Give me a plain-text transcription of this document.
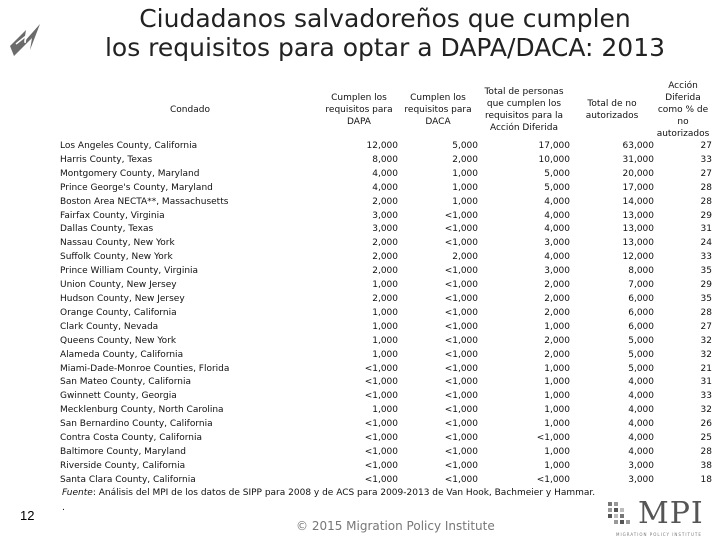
12
Ciudadanos salvadoreños que cumplen
los requisitos para optar a DAPA/DACA: 2013
Condado	Cumplen los requisitos para DAPA	Cumplen los requisitos para DACA	Total de personas que cumplen los requisitos para la Acción Diferida	Total de no autorizados	Acción Diferida como % de no autorizados
Los Angeles County, California	12,000	5,000	17,000	63,000	27
Harris County, Texas	8,000	2,000	10,000	31,000	33
Montgomery County, Maryland	4,000	1,000	5,000	20,000	27
Prince George's County, Maryland	4,000	1,000	5,000	17,000	28
Boston Area NECTA**, Massachusetts	2,000	1,000	4,000	14,000	28
Fairfax County, Virginia	3,000	<1,000	4,000	13,000	29
Dallas County, Texas	3,000	<1,000	4,000	13,000	31
Nassau County, New York	2,000	<1,000	3,000	13,000	24
Suffolk County, New York	2,000	2,000	4,000	12,000	33
Prince William County, Virginia	2,000	<1,000	3,000	8,000	35
Union County, New Jersey	1,000	<1,000	2,000	7,000	29
Hudson County, New Jersey	2,000	<1,000	2,000	6,000	35
Orange County, California	1,000	<1,000	2,000	6,000	28
Clark County, Nevada	1,000	<1,000	1,000	6,000	27
Queens County, New York	1,000	<1,000	2,000	5,000	32
Alameda County, California	1,000	<1,000	2,000	5,000	32
Miami-Dade-Monroe Counties, Florida	<1,000	<1,000	1,000	5,000	21
San Mateo County, California	<1,000	<1,000	1,000	4,000	31
Gwinnett County, Georgia	<1,000	<1,000	1,000	4,000	33
Mecklenburg County, North Carolina	1,000	<1,000	1,000	4,000	32
San Bernardino County, California	<1,000	<1,000	1,000	4,000	26
Contra Costa County, California	<1,000	<1,000	<1,000	4,000	25
Baltimore County, Maryland	<1,000	<1,000	1,000	4,000	28
Riverside County, California	<1,000	<1,000	1,000	3,000	38
Santa Clara County, California	<1,000	<1,000	<1,000	3,000	18
Fuente: Análisis del MPI de los datos de SIPP para 2008 y de ACS para 2009-2013 de Van Hook, Bachmeier y Hammar.
.
© 2015 Migration Policy Institute	MPI
MIGRATION POLICY INSTITUTE
